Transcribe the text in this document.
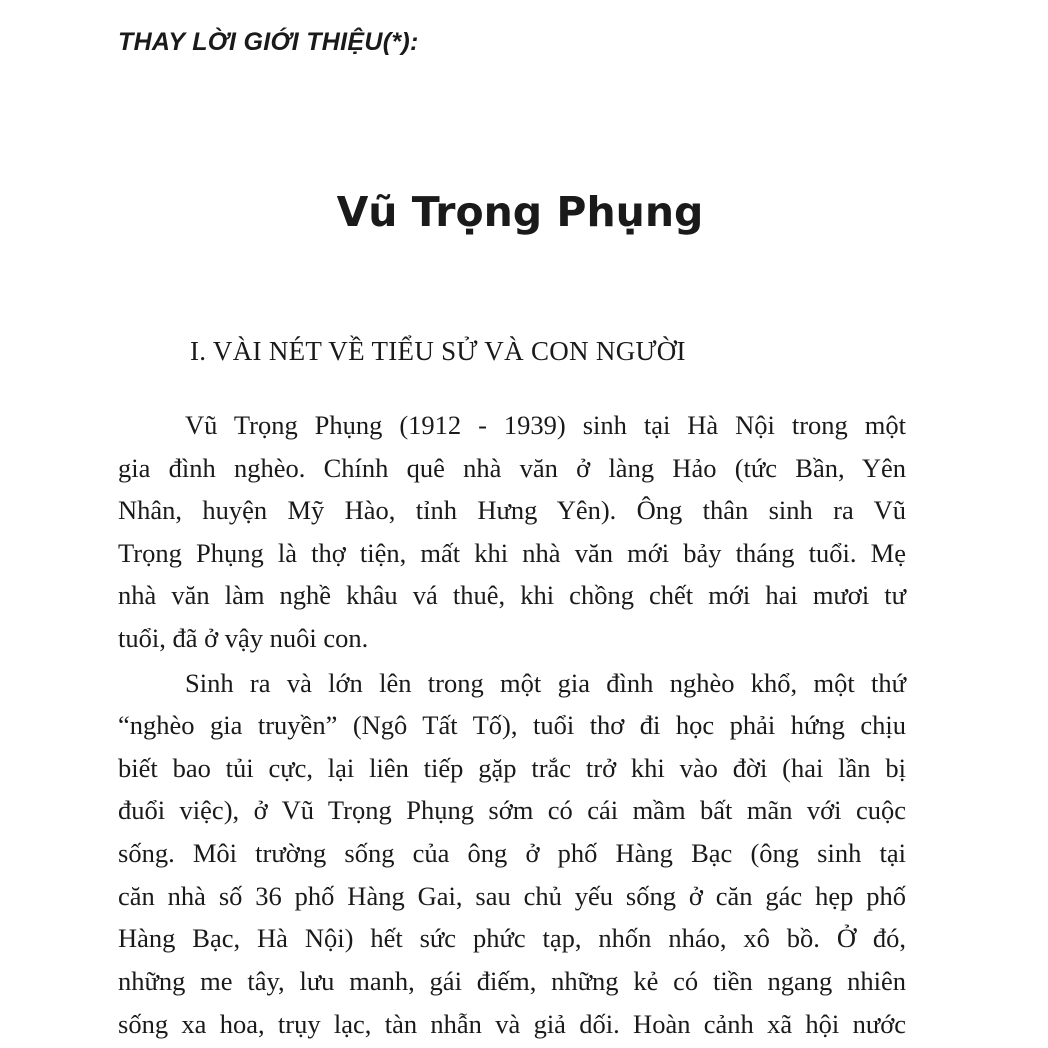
THAY LỜI GIỚI THIỆU(*):
Vũ Trọng Phụng
I. VÀI NÉT VỀ TIỂU SỬ VÀ CON NGƯỜI
Vũ Trọng Phụng (1912 - 1939) sinh tại Hà Nội trong một
gia đình nghèo. Chính quê nhà văn ở làng Hảo (tức Bần, Yên
Nhân, huyện Mỹ Hào, tỉnh Hưng Yên). Ông thân sinh ra Vũ
Trọng Phụng là thợ tiện, mất khi nhà văn mới bảy tháng tuổi. Mẹ
nhà văn làm nghề khâu vá thuê, khi chồng chết mới hai mươi tư
tuổi, đã ở vậy nuôi con.
Sinh ra và lớn lên trong một gia đình nghèo khổ, một thứ
“nghèo gia truyền” (Ngô Tất Tố), tuổi thơ đi học phải hứng chịu
biết bao tủi cực, lại liên tiếp gặp trắc trở khi vào đời (hai lần bị
đuổi việc), ở Vũ Trọng Phụng sớm có cái mầm bất mãn với cuộc
sống. Môi trường sống của ông ở phố Hàng Bạc (ông sinh tại
căn nhà số 36 phố Hàng Gai, sau chủ yếu sống ở căn gác hẹp phố
Hàng Bạc, Hà Nội) hết sức phức tạp, nhốn nháo, xô bồ. Ở đó,
những me tây, lưu manh, gái điếm, những kẻ có tiền ngang nhiên
sống xa hoa, trụy lạc, tàn nhẫn và giả dối. Hoàn cảnh xã hội nước
